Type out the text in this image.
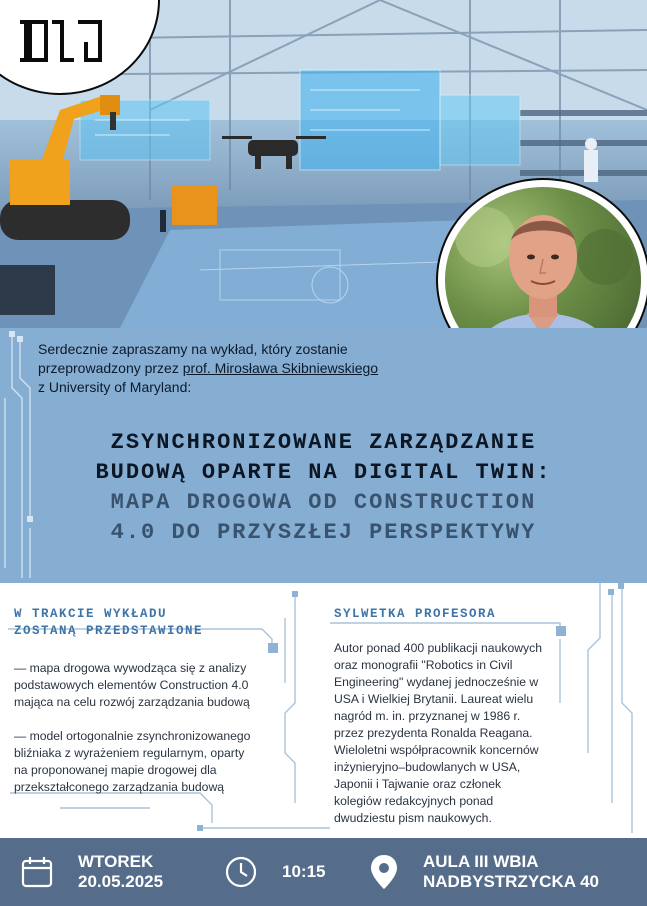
Serdecznie zapraszamy na wykład, który zostanie
przeprowadzony przez prof. Mirosława Skibniewskiego
z University of Maryland:
ZSYNCHRONIZOWANE ZARZĄDZANIE
BUDOWĄ OPARTE NA DIGITAL TWIN:
MAPA DROGOWA OD CONSTRUCTION
4.0 DO PRZYSZŁEJ PERSPEKTYWY
W TRAKCIE WYKŁADU
ZOSTANĄ PRZEDSTAWIONE

— mapa drogowa wywodząca się z analizy
podstawowych elementów Construction 4.0
mająca na celu rozwój zarządzania budową

— model ortogonalnie zsynchronizowanego
bliźniaka z wyrażeniem regularnym, oparty
na proponowanej mapie drogowej dla
przekształconego zarządzania budową

SYLWETKA PROFESORA
Autor ponad 400 publikacji naukowych
oraz monografii "Robotics in Civil
Engineering" wydanej jednocześnie w
USA i Wielkiej Brytanii. Laureat wielu
nagród m. in. przyznanej w 1986 r.
przez prezydenta Ronalda Reagana.
Wieloletni współpracownik koncernów
inżynieryjno–budowlanych w USA,
Japonii i Tajwanie oraz członek
kolegiów redakcyjnych ponad
dwudziestu pism naukowych.
WTOREK
20.05.2025
10:15
AULA III WBIA
NADBYSTRZYCKA 40
